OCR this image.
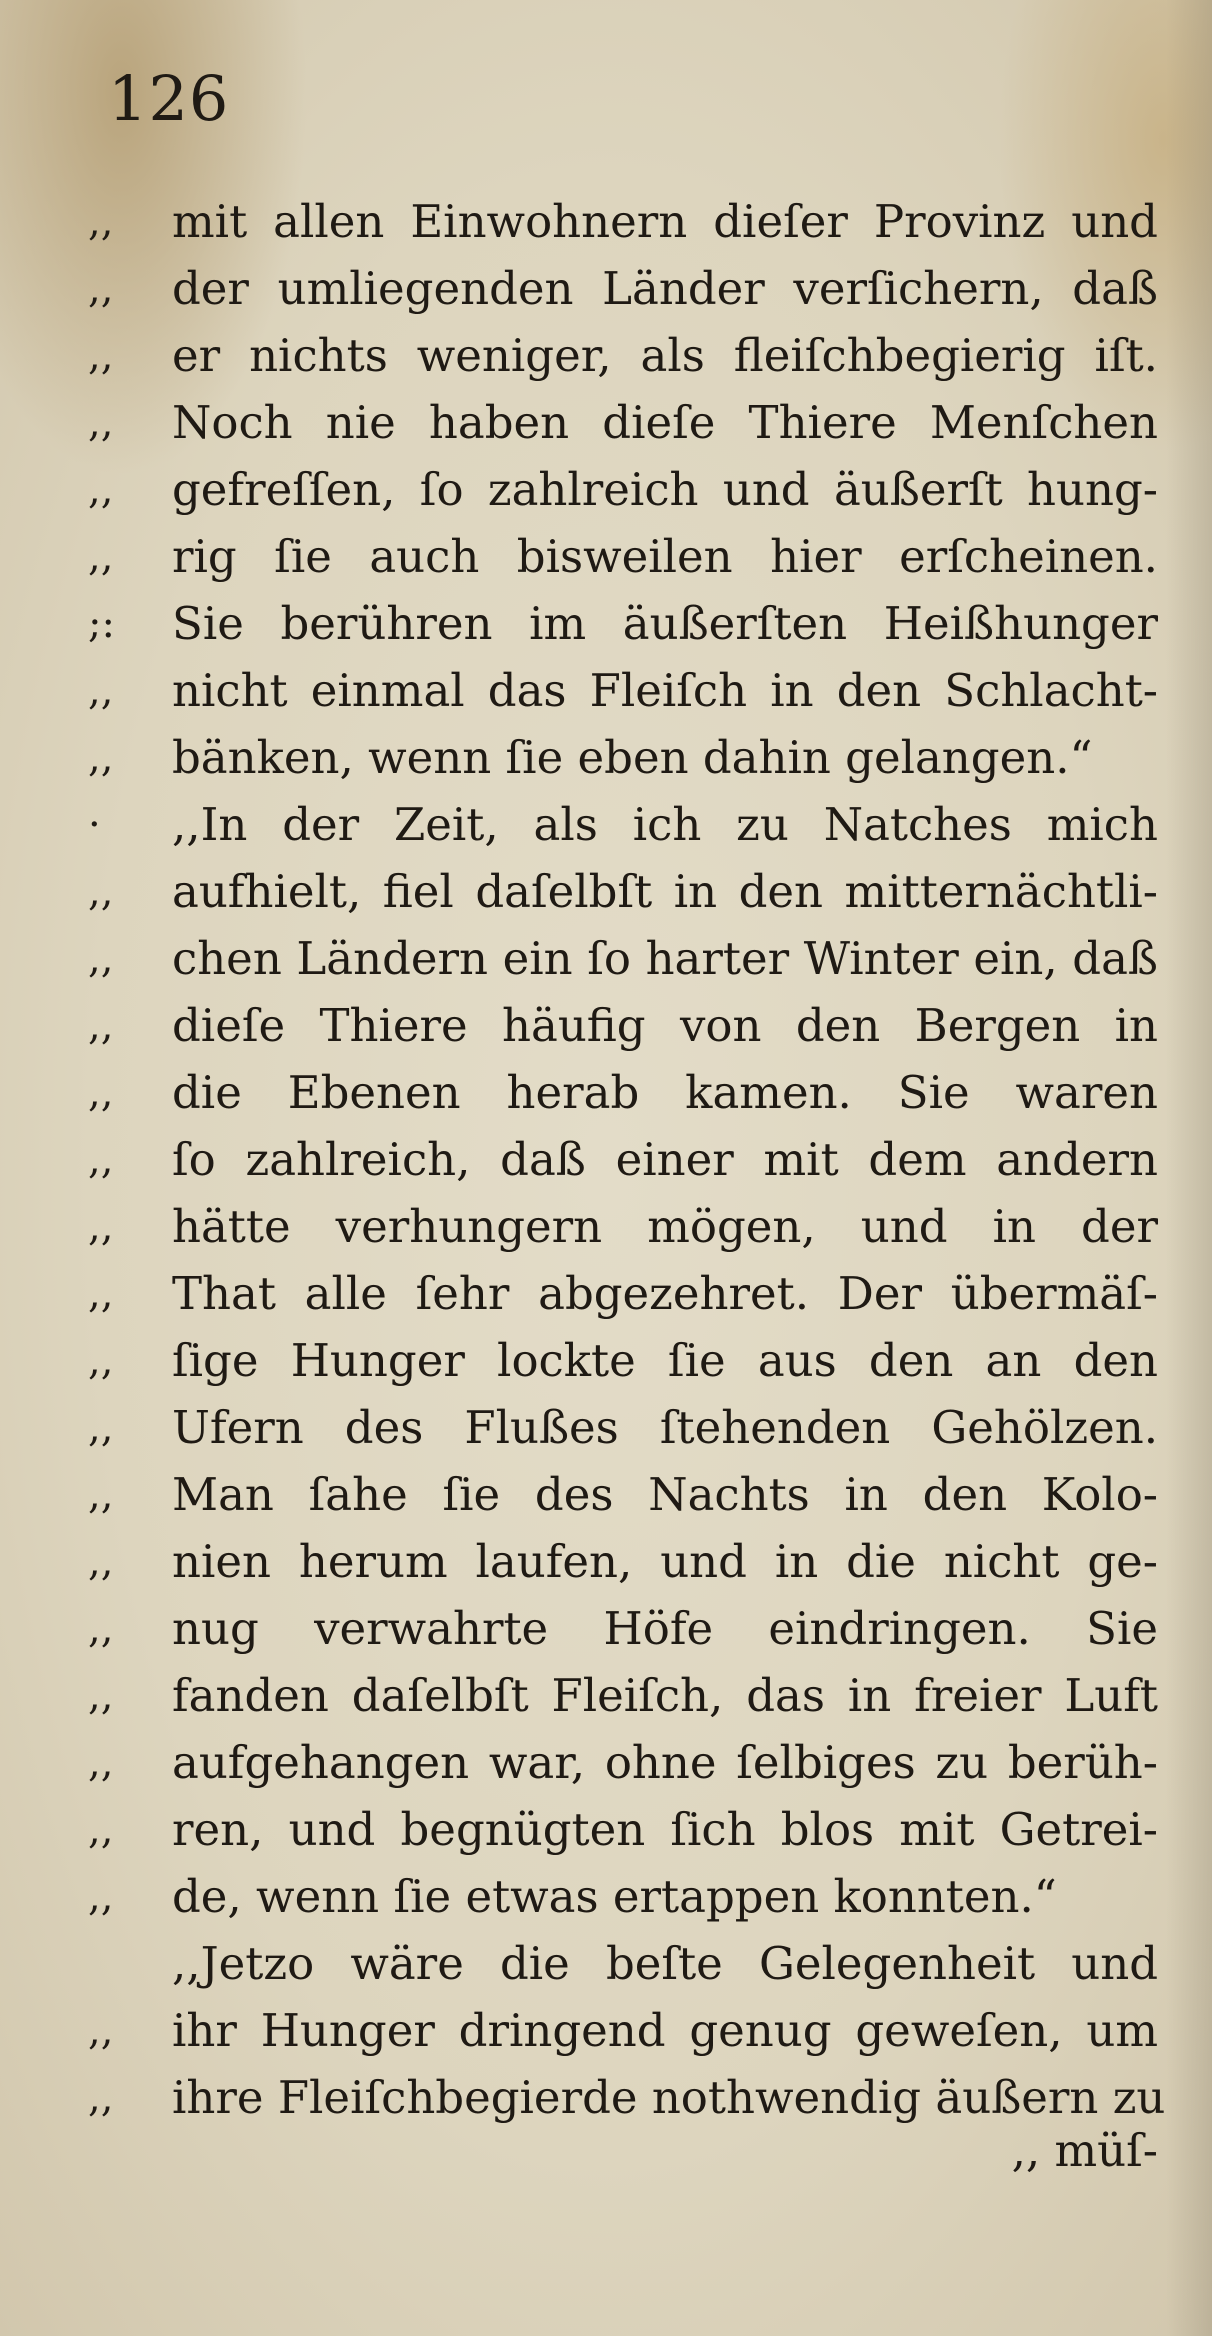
126
,,	mit allen Einwohnern dieſer Provinz und
,,	der umliegenden Länder verſichern, daß
,,	er nichts weniger, als fleiſchbegierig iſt.
,,	Noch nie haben dieſe Thiere Menſchen
,,	gefreſſen, ſo zahlreich und äußerſt hung-
,,	rig ſie auch bisweilen hier erſcheinen.
;:	Sie berühren im äußerſten Heißhunger
,,	nicht einmal das Fleiſch in den Schlacht-
,,	bänken, wenn ſie eben dahin gelangen.“
·	,,In der Zeit, als ich zu Natches mich
,,	aufhielt, fiel daſelbſt in den mitternächtli-
,,	chen Ländern ein ſo harter Winter ein, daß
,,	dieſe Thiere häufig von den Bergen in
,,	die Ebenen herab kamen. Sie waren
,,	ſo zahlreich, daß einer mit dem andern
,,	hätte verhungern mögen, und in der
,,	That alle ſehr abgezehret. Der übermäſ-
,,	ſige Hunger lockte ſie aus den an den
,,	Ufern des Flußes ſtehenden Gehölzen.
,,	Man ſahe ſie des Nachts in den Kolo-
,,	nien herum laufen, und in die nicht ge-
,,	nug verwahrte Höfe eindringen. Sie
,,	fanden daſelbſt Fleiſch, das in freier Luft
,,	aufgehangen war, ohne ſelbiges zu berüh-
,,	ren, und begnügten ſich blos mit Getrei-
,,	de, wenn ſie etwas ertappen konnten.“
,,Jetzo wäre die beſte Gelegenheit und
,,	ihr Hunger dringend genug geweſen, um
,,	ihre Fleiſchbegierde nothwendig äußern zu
,, müſ-
